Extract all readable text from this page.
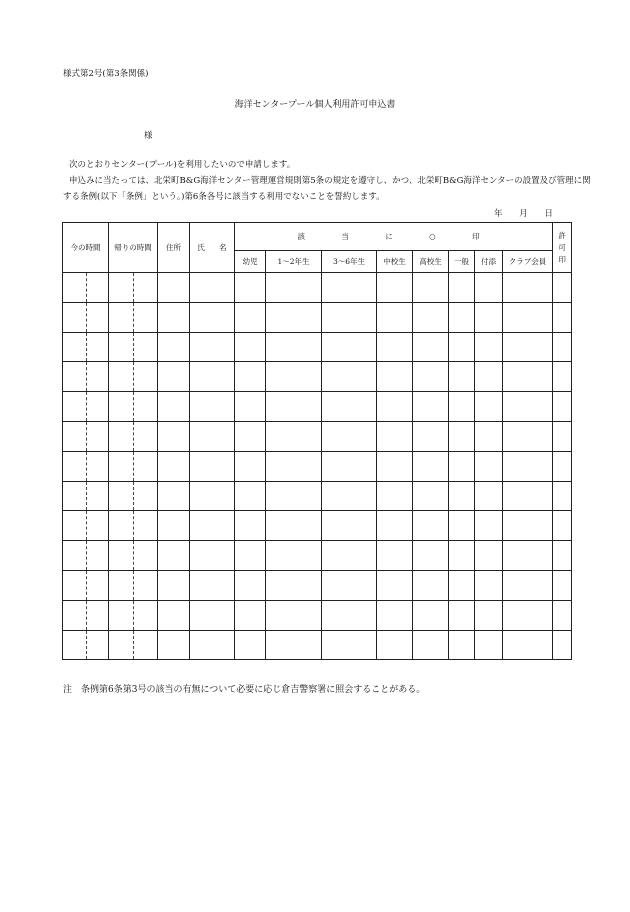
様式第2号(第3条関係)
海洋センタープール個人利用許可申込書
様
次のとおりセンター(プール)を利用したいので申請します。
申込みに当たっては、北栄町B&G海洋センター管理運営規則第5条の規定を遵守し、かつ、北栄町B&G海洋センターの設置及び管理に関
する条例(以下「条例」という。)第6条各号に該当する利用でないことを誓約します。
年 月 日
今の時間	帰りの時間	住所	氏 名	該 当 に ○ 印								許可印
				幼児	1～2年生	3～6年生	中校生	高校生	一般	付添	クラブ会員	

注　条例第6条第3号の該当の有無について必要に応じ倉吉警察署に照会することがある。
